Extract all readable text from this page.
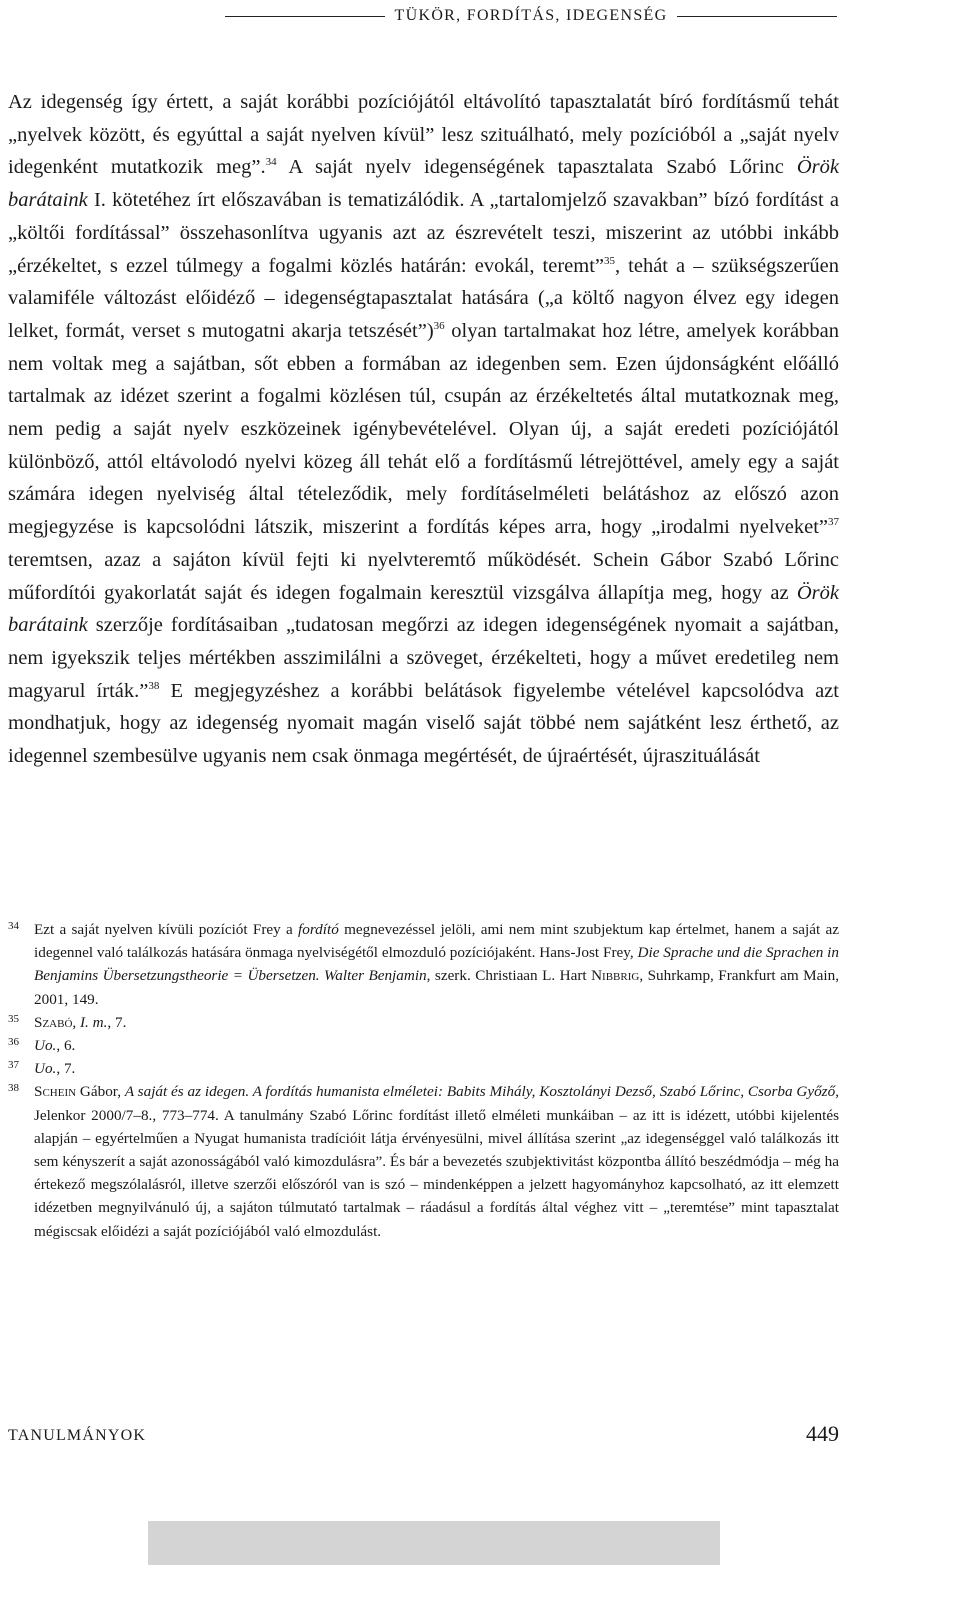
TÜKÖR, FORDÍTÁS, IDEGENSÉG

Az idegenség így értett, a saját korábbi pozíciójától eltávolító tapasztalatát bíró fordításmű tehát „nyelvek között, és egyúttal a saját nyelven kívül” lesz szituálható, mely pozícióból a „saját nyelv idegenként mutatkozik meg”.$^{34}$ A saját nyelv idegenségének tapasztalata Szabó Lőrinc Örök barátaink I. kötetéhez írt előszavában is tematizálódik. A „tartalomjelző szavakban” bízó fordítást a „költői fordítással” összehasonlítva ugyanis azt az észrevételt teszi, miszerint az utóbbi inkább „érzékeltet, s ezzel túlmegy a fogalmi közlés határán: evokál, teremt”$^{35}$, tehát a – szükségszerűen valamiféle változást előidéző – idegenségtapasztalat hatására („a költő nagyon élvez egy idegen lelket, formát, verset s mutogatni akarja tetszését”)$^{36}$ olyan tartalmakat hoz létre, amelyek korábban nem voltak meg a sajátban, sőt ebben a formában az idegenben sem. Ezen újdonságként előálló tartalmak az idézet szerint a fogalmi közlésen túl, csupán az érzékeltetés által mutatkoznak meg, nem pedig a saját nyelv eszközeinek igénybevételével. Olyan új, a saját eredeti pozíciójától különböző, attól eltávolodó nyelvi közeg áll tehát elő a fordításmű létrejöttével, amely egy a saját számára idegen nyelviség által tételeződik, mely fordításelméleti belátáshoz az előszó azon megjegyzése is kapcsolódni látszik, miszerint a fordítás képes arra, hogy „irodalmi nyelveket”$^{37}$ teremtsen, azaz a sajáton kívül fejti ki nyelvteremtő működését. Schein Gábor Szabó Lőrinc műfordítói gyakorlatát saját és idegen fogalmain keresztül vizsgálva állapítja meg, hogy az Örök barátaink szerzője fordításaiban „tudatosan megőrzi az idegen idegenségének nyomait a sajátban, nem igyekszik teljes mértékben asszimilálni a szöveget, érzékelteti, hogy a művet eredetileg nem magyarul írták.”$^{38}$ E megjegyzéshez a korábbi belátások figyelembe vételével kapcsolódva azt mondhatjuk, hogy az idegenség nyomait magán viselő saját többé nem sajátként lesz érthető, az idegennel szembesülve ugyanis nem csak önmaga megértését, de újraértését, újraszituálását

34 Ezt a saját nyelven kívüli pozíciót Frey a fordító megnevezéssel jelöli, ami nem mint szubjektum kap értelmet, hanem a saját az idegennel való találkozás hatására önmaga nyelviségétől elmozduló pozíciójaként. Hans-Jost Frey, Die Sprache und die Sprachen in Benjamins Übersetzungstheorie = Übersetzen. Walter Benjamin, szerk. Christiaan L. Hart Nibbrig, Suhrkamp, Frankfurt am Main, 2001, 149.

35 Szabó, I. m., 7.

36 Uo., 6.

37 Uo., 7.

38 Schein Gábor, A saját és az idegen. A fordítás humanista elméletei: Babits Mihály, Kosztolányi Dezső, Szabó Lőrinc, Csorba Győző, Jelenkor 2000/7–8., 773–774. A tanulmány Szabó Lőrinc fordítást illető elméleti munkáiban – az itt is idézett, utóbbi kijelentés alapján – egyértelműen a Nyugat humanista tradícióit látja érvényesülni, mivel állítása szerint „az idegenséggel való találkozás itt sem kényszerít a saját azonosságából való kimozdulásra”. És bár a bevezetés szubjektivitást központba állító beszédmódja – még ha értekező megszólalásról, illetve szerzői előszóról van is szó – mindenképpen a jelzett hagyományhoz kapcsolható, az itt elemzett idézetben megnyilvánuló új, a sajáton túlmutató tartalmak – ráadásul a fordítás által véghez vitt – „teremtése” mint tapasztalat mégiscsak előidézi a saját pozíciójából való elmozdulást.

TANULMÁNYOK	449
